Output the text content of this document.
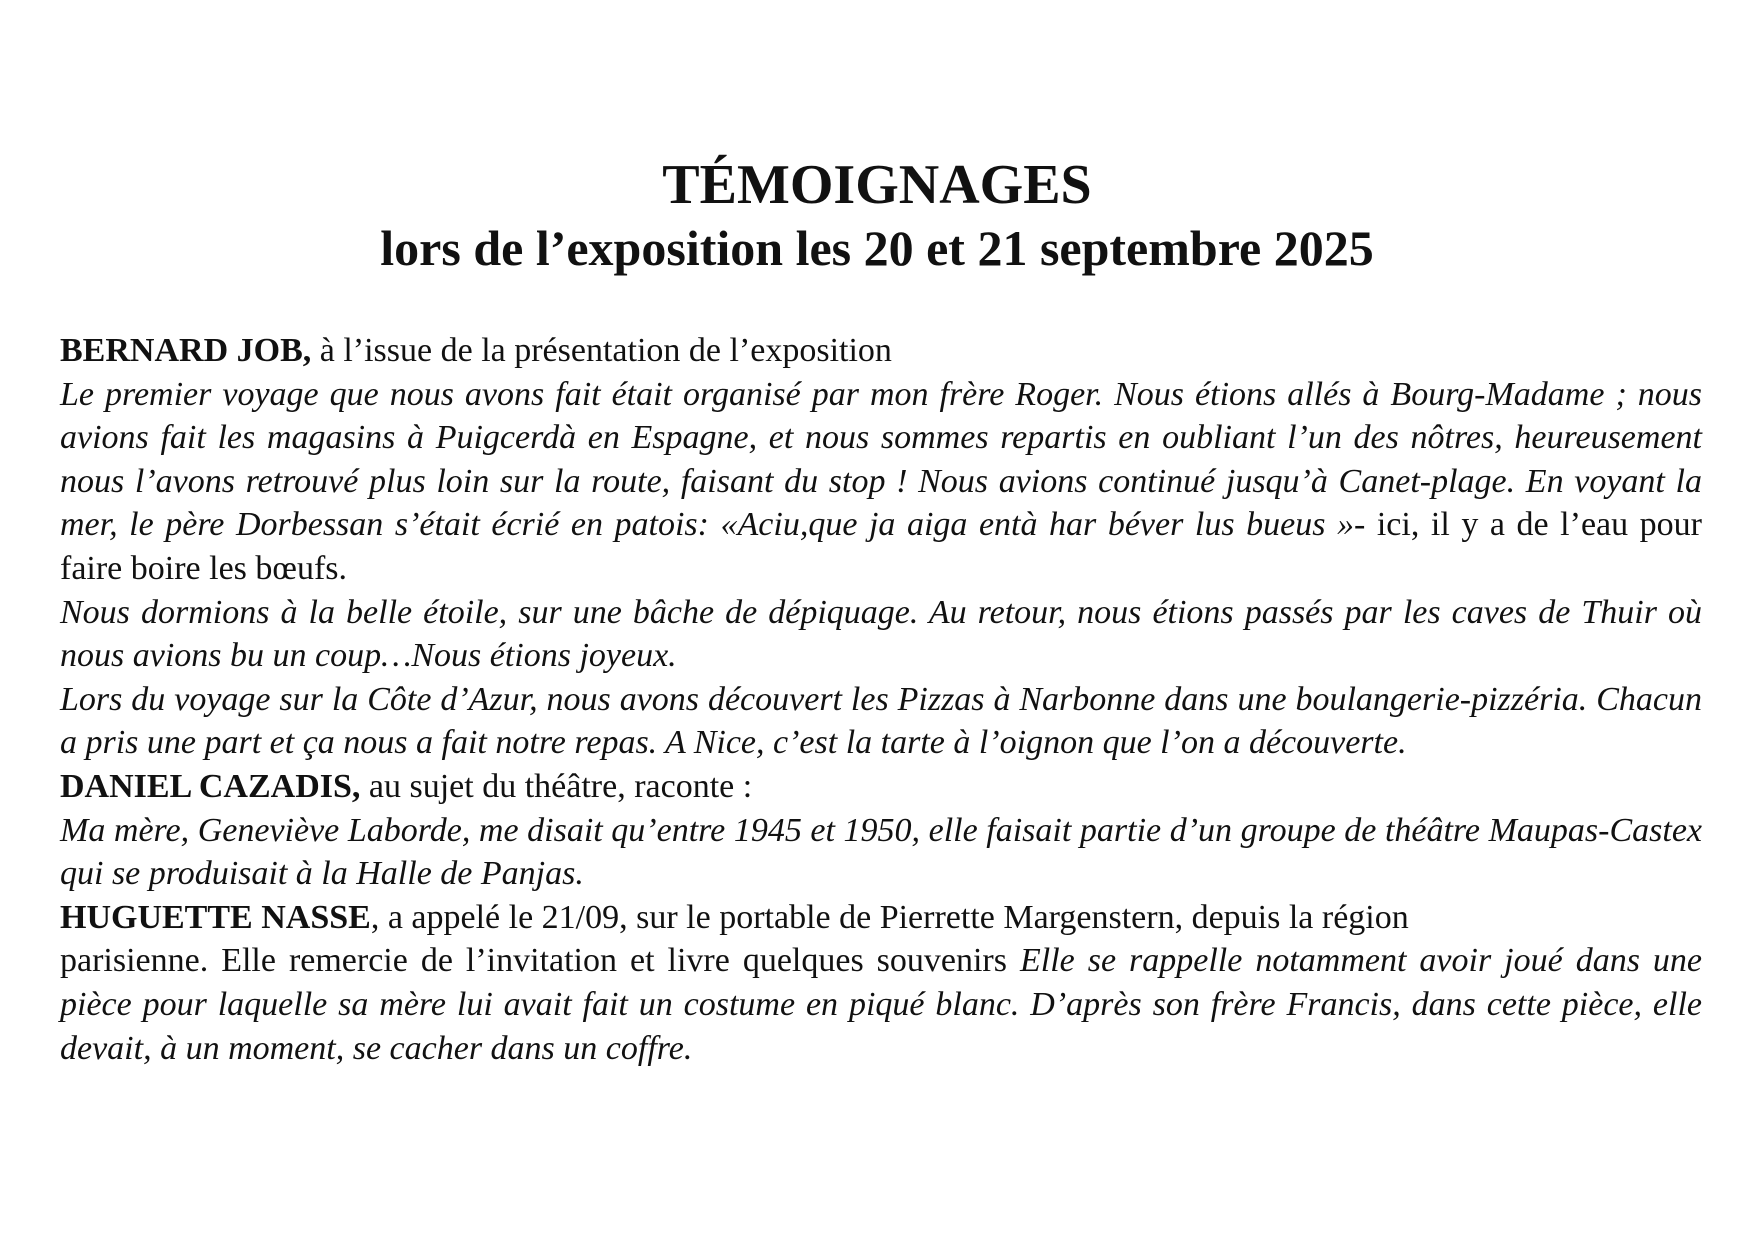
TÉMOIGNAGES
lors de l’exposition les 20 et 21 septembre 2025

BERNARD JOB, à l’issue de la présentation de l’exposition

Le premier voyage que nous avons fait était organisé par mon frère Roger. Nous étions allés à Bourg-Madame ; nous avions fait les magasins à Puigcerdà en Espagne, et nous sommes repartis en oubliant l’un des nôtres, heureusement nous l’avons retrouvé plus loin sur la route, faisant du stop ! Nous avions continué jusqu’à Canet-plage. En voyant la mer, le père Dorbessan s’était écrié en patois: «Aciu,que ja aiga entà har béver lus bueus »- ici, il y a de l’eau pour faire boire les bœufs.

Nous dormions à la belle étoile, sur une bâche de dépiquage. Au retour, nous étions passés par les caves de Thuir où nous avions bu un coup…Nous étions joyeux.

Lors du voyage sur la Côte d’Azur, nous avons découvert les Pizzas à Narbonne dans une boulangerie-pizzéria. Chacun a pris une part et ça nous a fait notre repas. A Nice, c’est la tarte à l’oignon que l’on a découverte.

DANIEL CAZADIS, au sujet du théâtre, raconte :

Ma mère, Geneviève Laborde, me disait qu’entre 1945 et 1950, elle faisait partie d’un groupe de théâtre Maupas-Castex qui se produisait à la Halle de Panjas.

HUGUETTE NASSE, a appelé le 21/09, sur le portable de Pierrette Margenstern, depuis la région

parisienne. Elle remercie de l’invitation et livre quelques souvenirs Elle se rappelle notamment avoir joué dans une pièce pour laquelle sa mère lui avait fait un costume en piqué blanc. D’après son frère Francis, dans cette pièce, elle devait, à un moment, se cacher dans un coffre.
